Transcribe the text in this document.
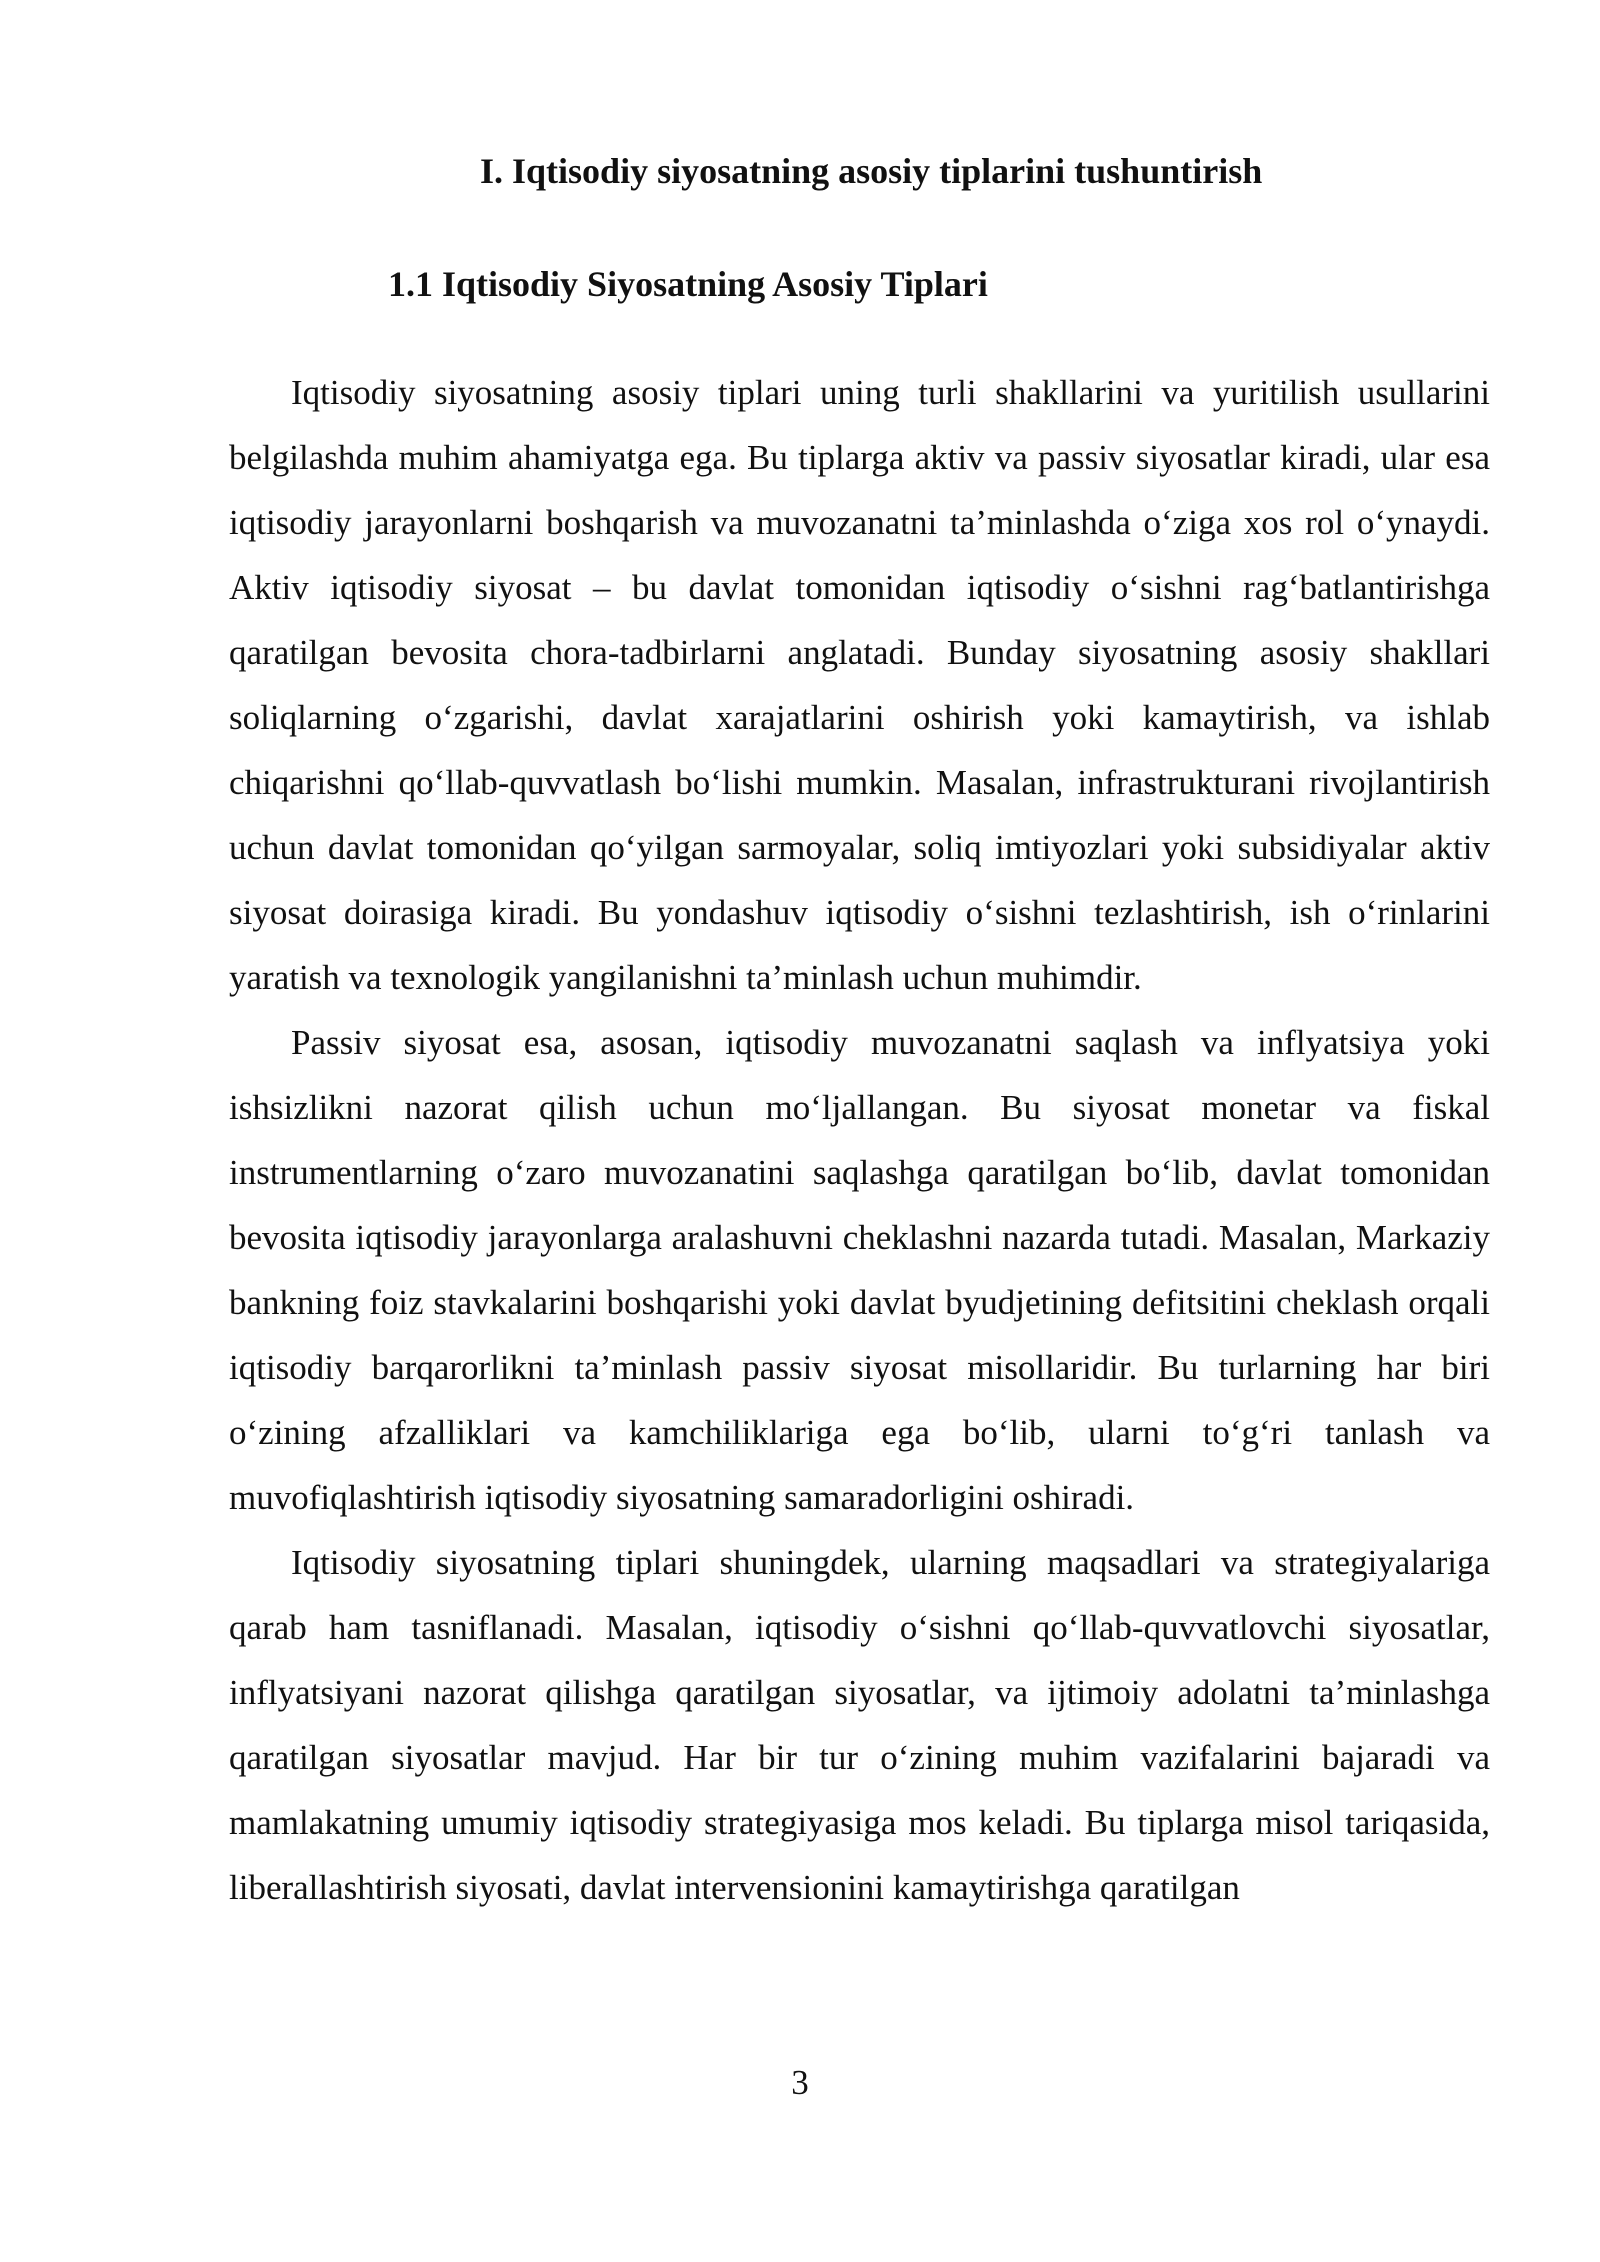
I. Iqtisodiy siyosatning asosiy tiplarini tushuntirish
1.1 Iqtisodiy Siyosatning Asosiy Tiplari

Iqtisodiy siyosatning asosiy tiplari uning turli shakllarini va yuritilish usullarini belgilashda muhim ahamiyatga ega. Bu tiplarga aktiv va passiv siyosatlar kiradi, ular esa iqtisodiy jarayonlarni boshqarish va muvozanatni ta’minlashda o‘ziga xos rol o‘ynaydi. Aktiv iqtisodiy siyosat – bu davlat tomonidan iqtisodiy o‘sishni rag‘batlantirishga qaratilgan bevosita chora-tadbirlarni anglatadi. Bunday siyosatning asosiy shakllari soliqlarning o‘zgarishi, davlat xarajatlarini oshirish yoki kamaytirish, va ishlab chiqarishni qo‘llab-quvvatlash bo‘lishi mumkin. Masalan, infrastrukturani rivojlantirish uchun davlat tomonidan qo‘yilgan sarmoyalar, soliq imtiyozlari yoki subsidiyalar aktiv siyosat doirasiga kiradi. Bu yondashuv iqtisodiy o‘sishni tezlashtirish, ish o‘rinlarini yaratish va texnologik yangilanishni ta’minlash uchun muhimdir.

Passiv siyosat esa, asosan, iqtisodiy muvozanatni saqlash va inflyatsiya yoki ishsizlikni nazorat qilish uchun mo‘ljallangan. Bu siyosat monetar va fiskal instrumentlarning o‘zaro muvozanatini saqlashga qaratilgan bo‘lib, davlat tomonidan bevosita iqtisodiy jarayonlarga aralashuvni cheklashni nazarda tutadi. Masalan, Markaziy bankning foiz stavkalarini boshqarishi yoki davlat byudjetining defitsitini cheklash orqali iqtisodiy barqarorlikni ta’minlash passiv siyosat misollaridir. Bu turlarning har biri o‘zining afzalliklari va kamchiliklariga ega bo‘lib, ularni to‘g‘ri tanlash va muvofiqlashtirish iqtisodiy siyosatning samaradorligini oshiradi.

Iqtisodiy siyosatning tiplari shuningdek, ularning maqsadlari va strategiyalariga qarab ham tasniflanadi. Masalan, iqtisodiy o‘sishni qo‘llab-quvvatlovchi siyosatlar, inflyatsiyani nazorat qilishga qaratilgan siyosatlar, va ijtimoiy adolatni ta’minlashga qaratilgan siyosatlar mavjud. Har bir tur o‘zining muhim vazifalarini bajaradi va mamlakatning umumiy iqtisodiy strategiyasiga mos keladi. Bu tiplarga misol tariqasida, liberallashtirish siyosati, davlat intervensionini kamaytirishga qaratilgan

3
